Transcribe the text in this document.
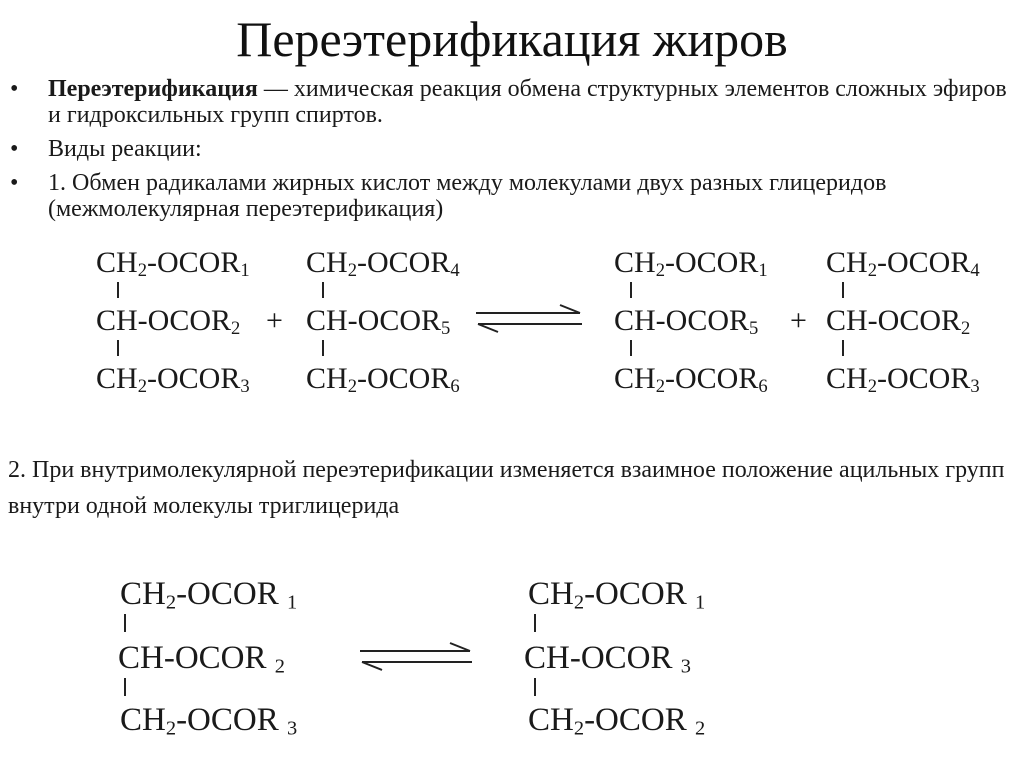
Переэтерификация жиров
• Переэтерификация — химическая реакция обмена структурных элементов сложных эфиров и гидроксильных групп спиртов.
• Виды реакции:
• 1. Обмен радикалами жирных кислот между молекулами двух разных глицеридов (межмолекулярная переэтерификация)
$CH_2-OCOR_1$
$CH-OCOR_2$
$CH_2-OCOR_3$
+
$CH_2-OCOR_4$
$CH-OCOR_5$
$CH_2-OCOR_6$
$CH_2-OCOR_1$
$CH-OCOR_5$
$CH_2-OCOR_6$
+
$CH_2-OCOR_4$
$CH-OCOR_2$
$CH_2-OCOR_3$
2. При внутримолекулярной переэтерификации изменяется взаимное положение ацильных групп внутри одной молекулы триглицерида
$CH_2$-OCOR $_1$
CH-OCOR $_2$
$CH_2$-OCOR $_3$
$CH_2$-OCOR $_1$
CH-OCOR $_3$
$CH_2$-OCOR $_2$
